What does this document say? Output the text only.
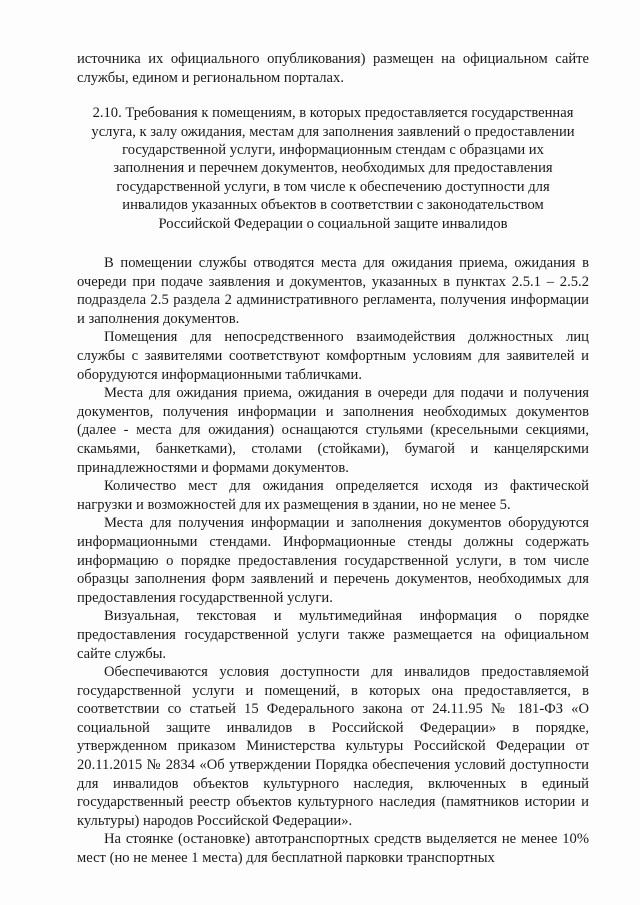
источника их официального опубликования) размещен на официальном сайте службы, едином и региональном порталах.

2.10. Требования к помещениям, в которых предоставляется государственная услуга, к залу ожидания, местам для заполнения заявлений о предоставлении государственной услуги, информационным стендам с образцами их заполнения и перечнем документов, необходимых для предоставления государственной услуги, в том числе к обеспечению доступности для инвалидов указанных объектов в соответствии с законодательством Российской Федерации о социальной защите инвалидов

В помещении службы отводятся места для ожидания приема, ожидания в очереди при подаче заявления и документов, указанных в пунктах 2.5.1 – 2.5.2 подраздела 2.5 раздела 2 административного регламента, получения информации и заполнения документов.

Помещения для непосредственного взаимодействия должностных лиц службы с заявителями соответствуют комфортным условиям для заявителей и оборудуются информационными табличками.

Места для ожидания приема, ожидания в очереди для подачи и получения документов, получения информации и заполнения необходимых документов (далее - места для ожидания) оснащаются стульями (кресельными секциями, скамьями, банкетками), столами (стойками), бумагой и канцелярскими принадлежностями и формами документов.

Количество мест для ожидания определяется исходя из фактической нагрузки и возможностей для их размещения в здании, но не менее 5.

Места для получения информации и заполнения документов оборудуются информационными стендами. Информационные стенды должны содержать информацию о порядке предоставления государственной услуги, в том числе образцы заполнения форм заявлений и перечень документов, необходимых для предоставления государственной услуги.

Визуальная, текстовая и мультимедийная информация о порядке предоставления государственной услуги также размещается на официальном сайте службы.

Обеспечиваются условия доступности для инвалидов предоставляемой государственной услуги и помещений, в которых она предоставляется, в соответствии со статьей 15 Федерального закона от 24.11.95 № 181-ФЗ «О социальной защите инвалидов в Российской Федерации» в порядке, утвержденном приказом Министерства культуры Российской Федерации от 20.11.2015 № 2834 «Об утверждении Порядка обеспечения условий доступности для инвалидов объектов культурного наследия, включенных в единый государственный реестр объектов культурного наследия (памятников истории и культуры) народов Российской Федерации».

На стоянке (остановке) автотранспортных средств выделяется не менее 10% мест (но не менее 1 места) для бесплатной парковки транспортных
